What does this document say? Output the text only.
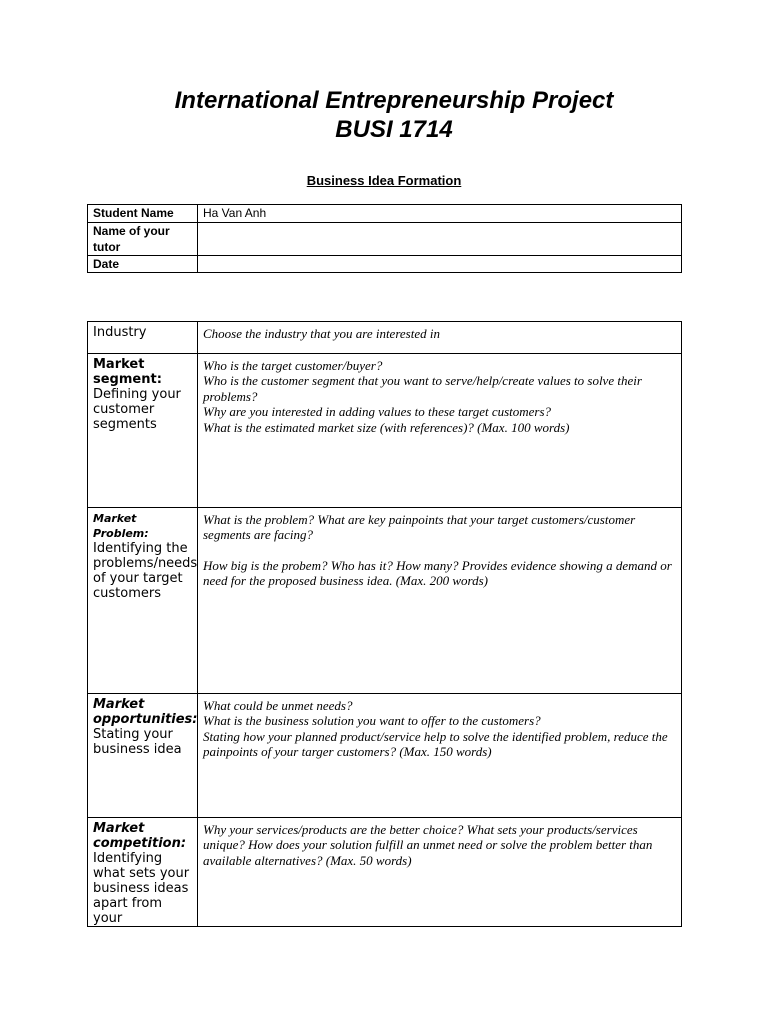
International Entrepreneurship Project
BUSI 1714
Business Idea Formation
Student Name	Ha Van Anh

Name of your
tutor	

Date	
Industry	Choose the industry that you are interested in
Market segment: Defining your customer segments	Who is the target customer/buyer?
Who is the customer segment that you want to serve/help/create values to solve their problems?
Why are you interested in adding values to these target customers?
What is the estimated market size (with references)? (Max. 100 words)

Market Problem: Identifying the problems/needs of your target customers	What is the problem? What are key painpoints that your target customers/customer segments are facing?
How big is the probem? Who has it? How many? Provides evidence showing a demand or need for the proposed business idea. (Max. 200 words)

Market opportunities: Stating your business idea	What could be unmet needs?
What is the business solution you want to offer to the customers?
Stating how your planned product/service help to solve the identified problem, reduce the painpoints of your targer customers? (Max. 150 words)

Market competition: Identifying what sets your business ideas apart from your	Why your services/products are the better choice? What sets your products/services unique? How does your solution fulfill an unmet need or solve the problem better than available alternatives? (Max. 50 words)
